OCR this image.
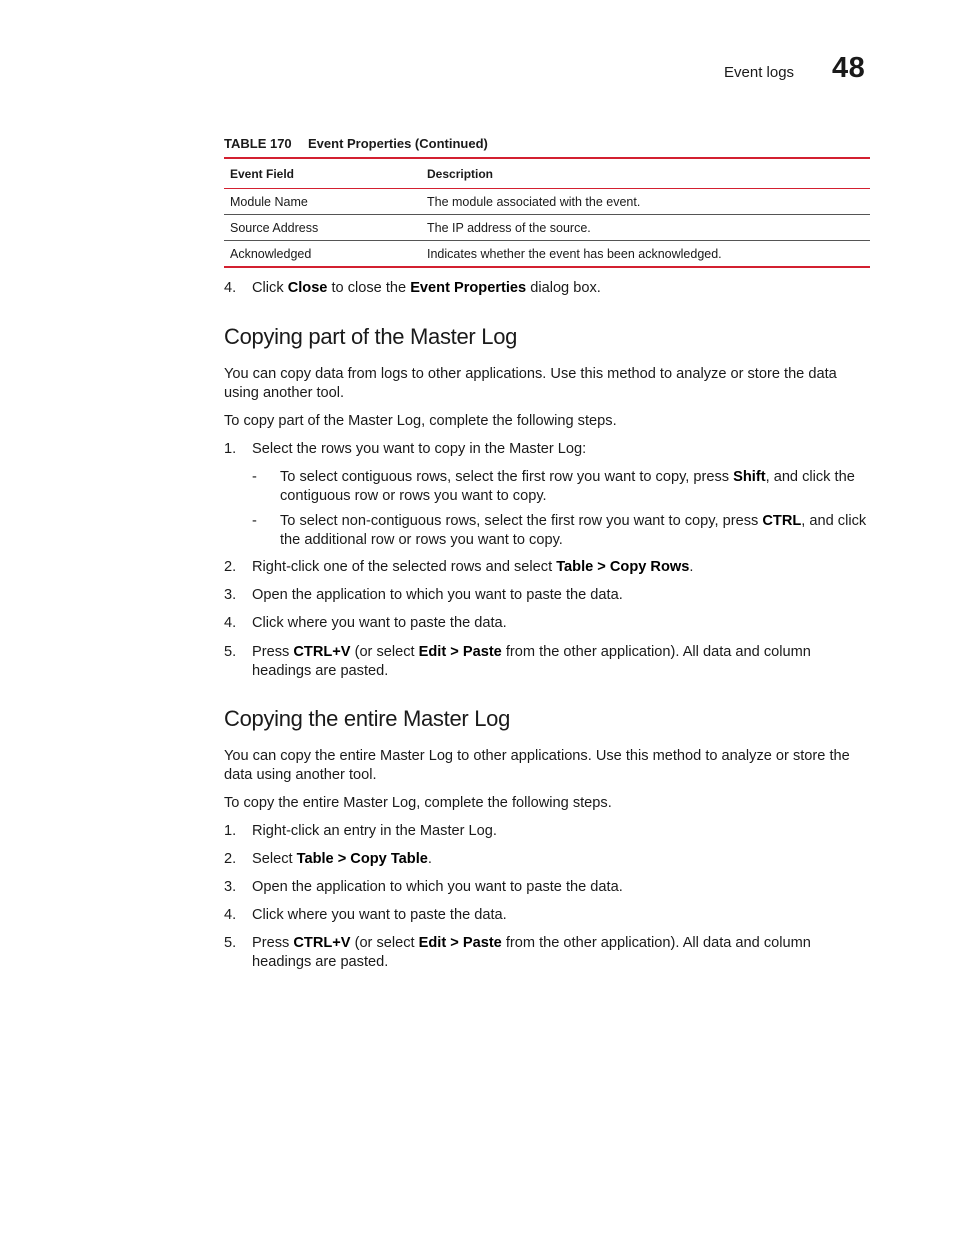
Event logs 48
TABLE 170 Event Properties (Continued)
Event Field	Description
Module Name	The module associated with the event.
Source Address	The IP address of the source.
Acknowledged	Indicates whether the event has been acknowledged.
4. Click Close to close the Event Properties dialog box.
Copying part of the Master Log
You can copy data from logs to other applications. Use this method to analyze or store the data using another tool.
To copy part of the Master Log, complete the following steps.
1. Select the rows you want to copy in the Master Log:
- To select contiguous rows, select the first row you want to copy, press Shift, and click the contiguous row or rows you want to copy.
- To select non-contiguous rows, select the first row you want to copy, press CTRL, and click the additional row or rows you want to copy.
2. Right-click one of the selected rows and select Table > Copy Rows.
3. Open the application to which you want to paste the data.
4. Click where you want to paste the data.
5. Press CTRL+V (or select Edit > Paste from the other application). All data and column headings are pasted.
Copying the entire Master Log
You can copy the entire Master Log to other applications. Use this method to analyze or store the data using another tool.
To copy the entire Master Log, complete the following steps.
1. Right-click an entry in the Master Log.
2. Select Table > Copy Table.
3. Open the application to which you want to paste the data.
4. Click where you want to paste the data.
5. Press CTRL+V (or select Edit > Paste from the other application). All data and column headings are pasted.
